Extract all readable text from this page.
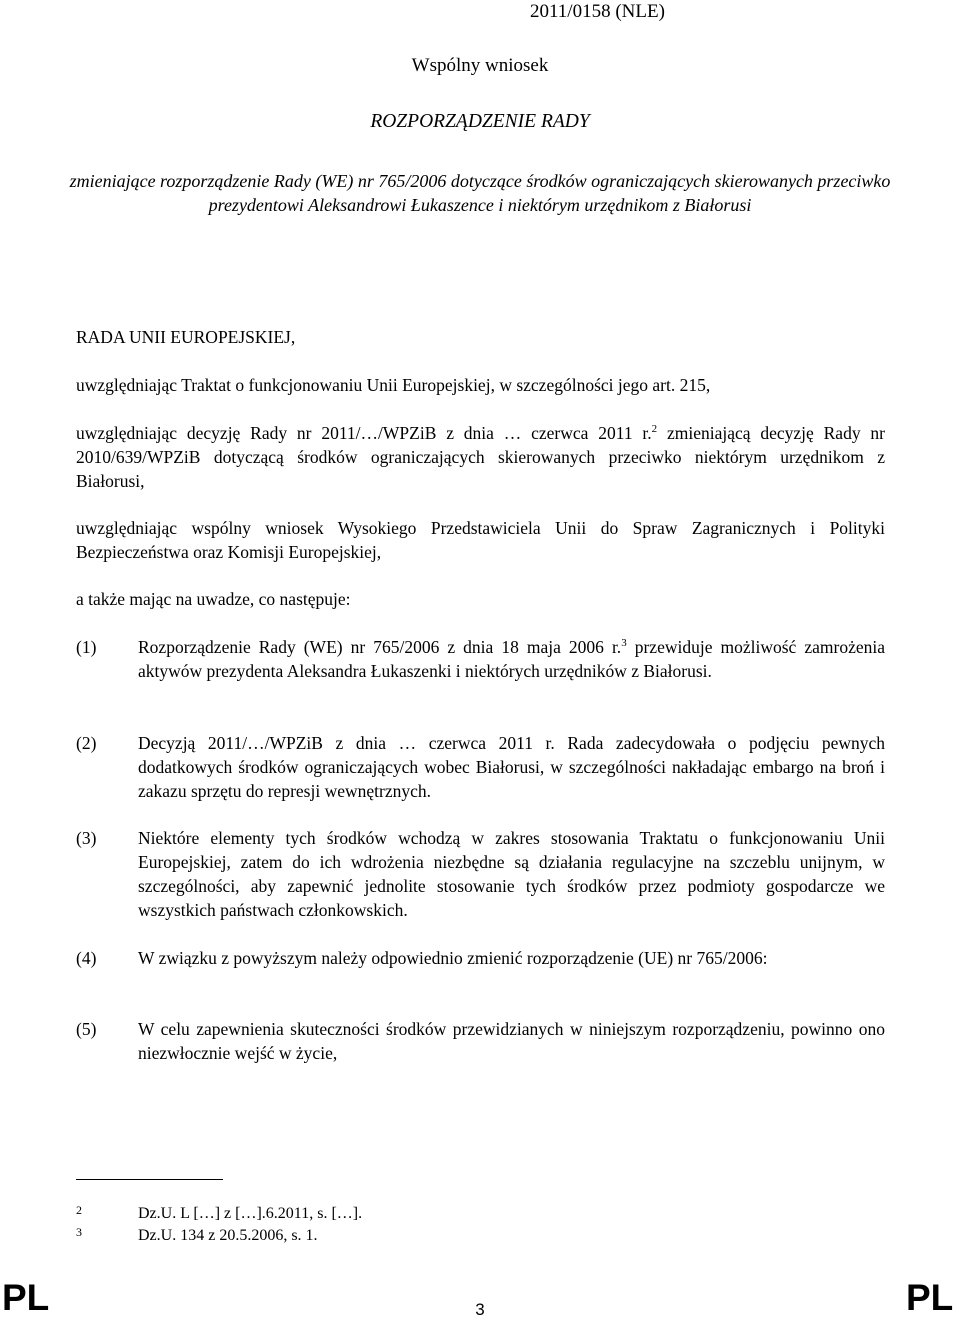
2011/0158 (NLE)
Wspólny wniosek
ROZPORZĄDZENIE RADY
zmieniające rozporządzenie Rady (WE) nr 765/2006 dotyczące środków ograniczających skierowanych przeciwko prezydentowi Aleksandrowi Łukaszence i niektórym urzędnikom z Białorusi

RADA UNII EUROPEJSKIEJ,

uwzględniając Traktat o funkcjonowaniu Unii Europejskiej, w szczególności jego art. 215,

uwzględniając decyzję Rady nr 2011/…/WPZiB z dnia … czerwca 2011 r.$^2$ zmieniającą decyzję Rady nr 2010/639/WPZiB dotyczącą środków ograniczających skierowanych przeciwko niektórym urzędnikom z Białorusi,

uwzględniając wspólny wniosek Wysokiego Przedstawiciela Unii do Spraw Zagranicznych i Polityki Bezpieczeństwa oraz Komisji Europejskiej,

a także mając na uwadze, co następuje:

(1)	Rozporządzenie Rady (WE) nr 765/2006 z dnia 18 maja 2006 r.$^3$ przewiduje możliwość zamrożenia aktywów prezydenta Aleksandra Łukaszenki i niektórych urzędników z Białorusi.
(2)	Decyzją 2011/…/WPZiB z dnia … czerwca 2011 r. Rada zadecydowała o podjęciu pewnych dodatkowych środków ograniczających wobec Białorusi, w szczególności nakładając embargo na broń i zakazu sprzętu do represji wewnętrznych.
(3)	Niektóre elementy tych środków wchodzą w zakres stosowania Traktatu o funkcjonowaniu Unii Europejskiej, zatem do ich wdrożenia niezbędne są działania regulacyjne na szczeblu unijnym, w szczególności, aby zapewnić jednolite stosowanie tych środków przez podmioty gospodarcze we wszystkich państwach członkowskich.
(4)	W związku z powyższym należy odpowiednio zmienić rozporządzenie (UE) nr 765/2006:
(5)	W celu zapewnienia skuteczności środków przewidzianych w niniejszym rozporządzeniu, powinno ono niezwłocznie wejść w życie,
2	Dz.U. L […] z […].6.2011, s. […].
3	Dz.U. 134 z 20.5.2006, s. 1.
PL	3	PL
